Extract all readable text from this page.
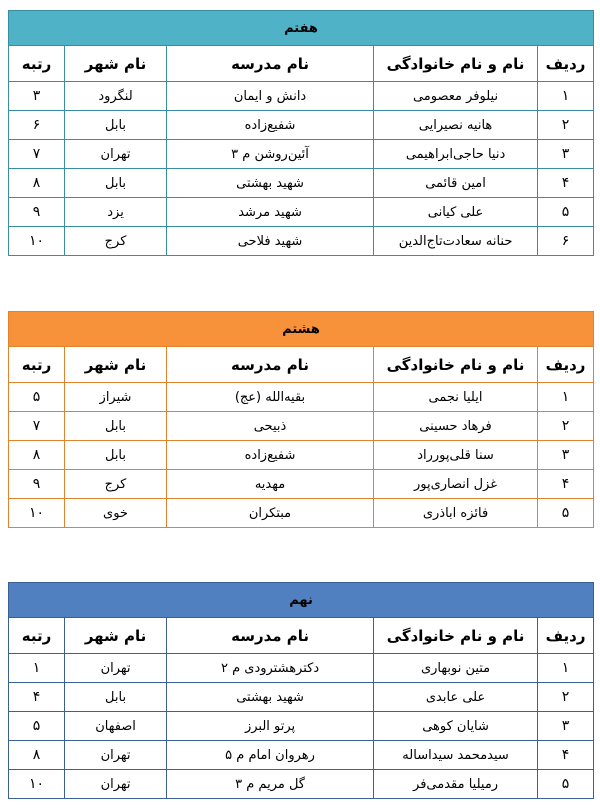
هفتم				
ردیف	نام و نام خانوادگی	نام مدرسه	نام شهر	رتبه
۱	نیلوفر معصومی	دانش و ایمان	لنگرود	۳
۲	هانیه نصیرایی	شفیع‌زاده	بابل	۶
۳	دنیا حاجی‌ابراهیمی	آئین‌روشن م ۳	تهران	۷
۴	امین قائمی	شهید بهشتی	بابل	۸
۵	علی کیانی	شهید مرشد	یزد	۹
۶	حنانه سعادت‌تاج‌الدین	شهید فلاحی	کرج	۱۰
هشتم				
ردیف	نام و نام خانوادگی	نام مدرسه	نام شهر	رتبه
۱	ایلیا نجمی	بقیه‌الله (عج)	شیراز	۵
۲	فرهاد حسینی	ذبیحی	بابل	۷
۳	سنا قلی‌پورراد	شفیع‌زاده	بابل	۸
۴	غزل انصاری‌پور	مهدیه	کرج	۹
۵	فائزه اباذری	مبتکران	خوی	۱۰
نهم				
ردیف	نام و نام خانوادگی	نام مدرسه	نام شهر	رتبه
۱	متین نوبهاری	دکترهشترودی م ۲	تهران	۱
۲	علی عابدی	شهید بهشتی	بابل	۴
۳	شایان کوهی	پرتو البرز	اصفهان	۵
۴	سیدمحمد سیداساله	رهروان امام م ۵	تهران	۸
۵	رمیلیا مقدمی‌فر	گل مریم م ۳	تهران	۱۰
